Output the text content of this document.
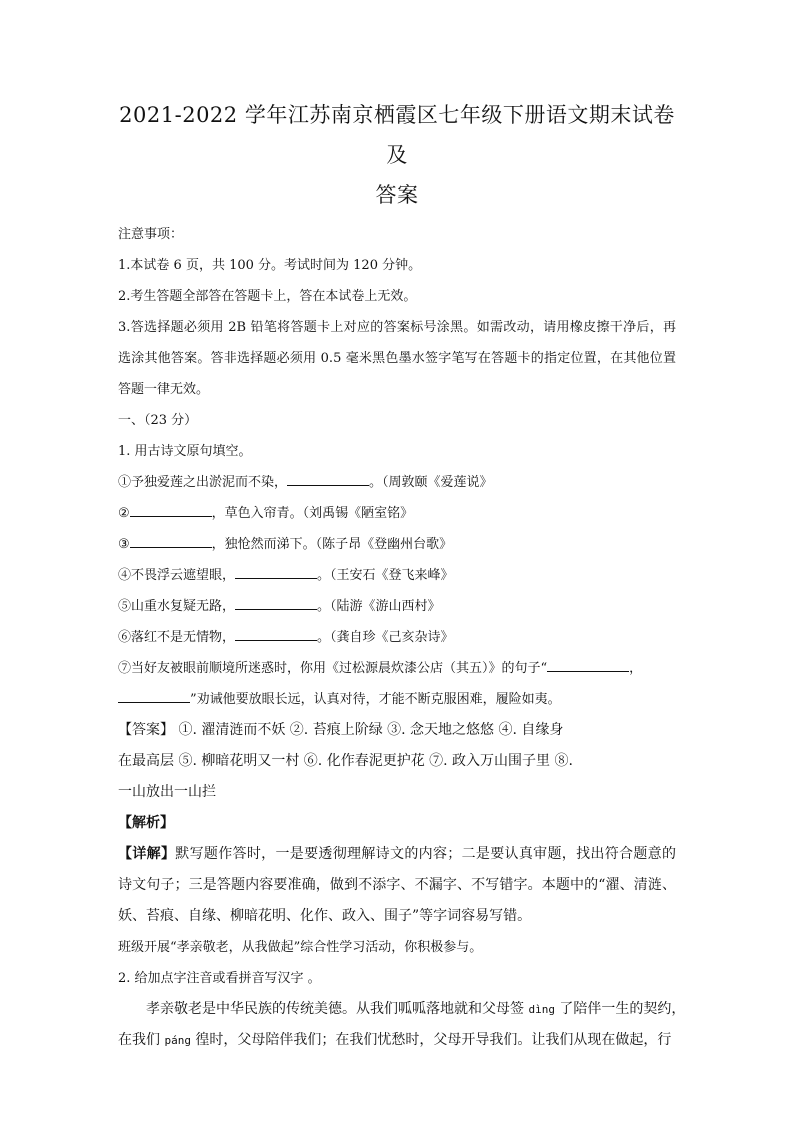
2021-2022 学年江苏南京栖霞区七年级下册语文期末试卷及
答案
注意事项：
1.本试卷 6 页，共 100 分。考试时间为 120 分钟。
2.考生答题全部答在答题卡上，答在本试卷上无效。
3.答选择题必须用 2B 铅笔将答题卡上对应的答案标号涂黑。如需改动，请用橡皮擦干净后，再选涂其他答案。答非选择题必须用 0.5 毫米黑色墨水签字笔写在答题卡的指定位置，在其他位置答题一律无效。
一、（23 分）
1. 用古诗文原句填空。
①予独爱莲之出淤泥而不染，	。（周敦颐《爱莲说》
②	，草色入帘青。（刘禹锡《陋室铭》
③	，独怆然而涕下。（陈子昂《登幽州台歌》
④不畏浮云遮望眼，	。（王安石《登飞来峰》
⑤山重水复疑无路，	。（陆游《游山西村》
⑥落红不是无情物，	。（龚自珍《己亥杂诗》
⑦当好友被眼前顺境所迷惑时，你用《过松源晨炊漆公店（其五）》的句子“	，
”劝诫他要放眼长远，认真对待，才能不断克服困难，履险如夷。
【答案】 ①. 濯清涟而不妖 ②. 苔痕上阶绿 ③. 念天地之悠悠 ④. 自缘身
在最高层 ⑤. 柳暗花明又一村 ⑥. 化作春泥更护花 ⑦. 政入万山围子里 ⑧.
一山放出一山拦
【解析】
【详解】默写题作答时，一是要透彻理解诗文的内容；二是要认真审题，找出符合题意的诗文句子；三是答题内容要准确，做到不添字、不漏字、不写错字。本题中的“濯、清涟、妖、苔痕、自缘、柳暗花明、化作、政入、围子”等字词容易写错。
班级开展“孝亲敬老，从我做起”综合性学习活动，你积极参与。
2. 给加点字注音或看拼音写汉字 。
孝亲敬老是中华民族的传统美德。从我们呱呱落地就和父母签 dìng 了陪伴一生的契约，
在我们 páng 徨时，父母陪伴我们；在我们忧愁时，父母开导我们。让我们从现在做起，行
